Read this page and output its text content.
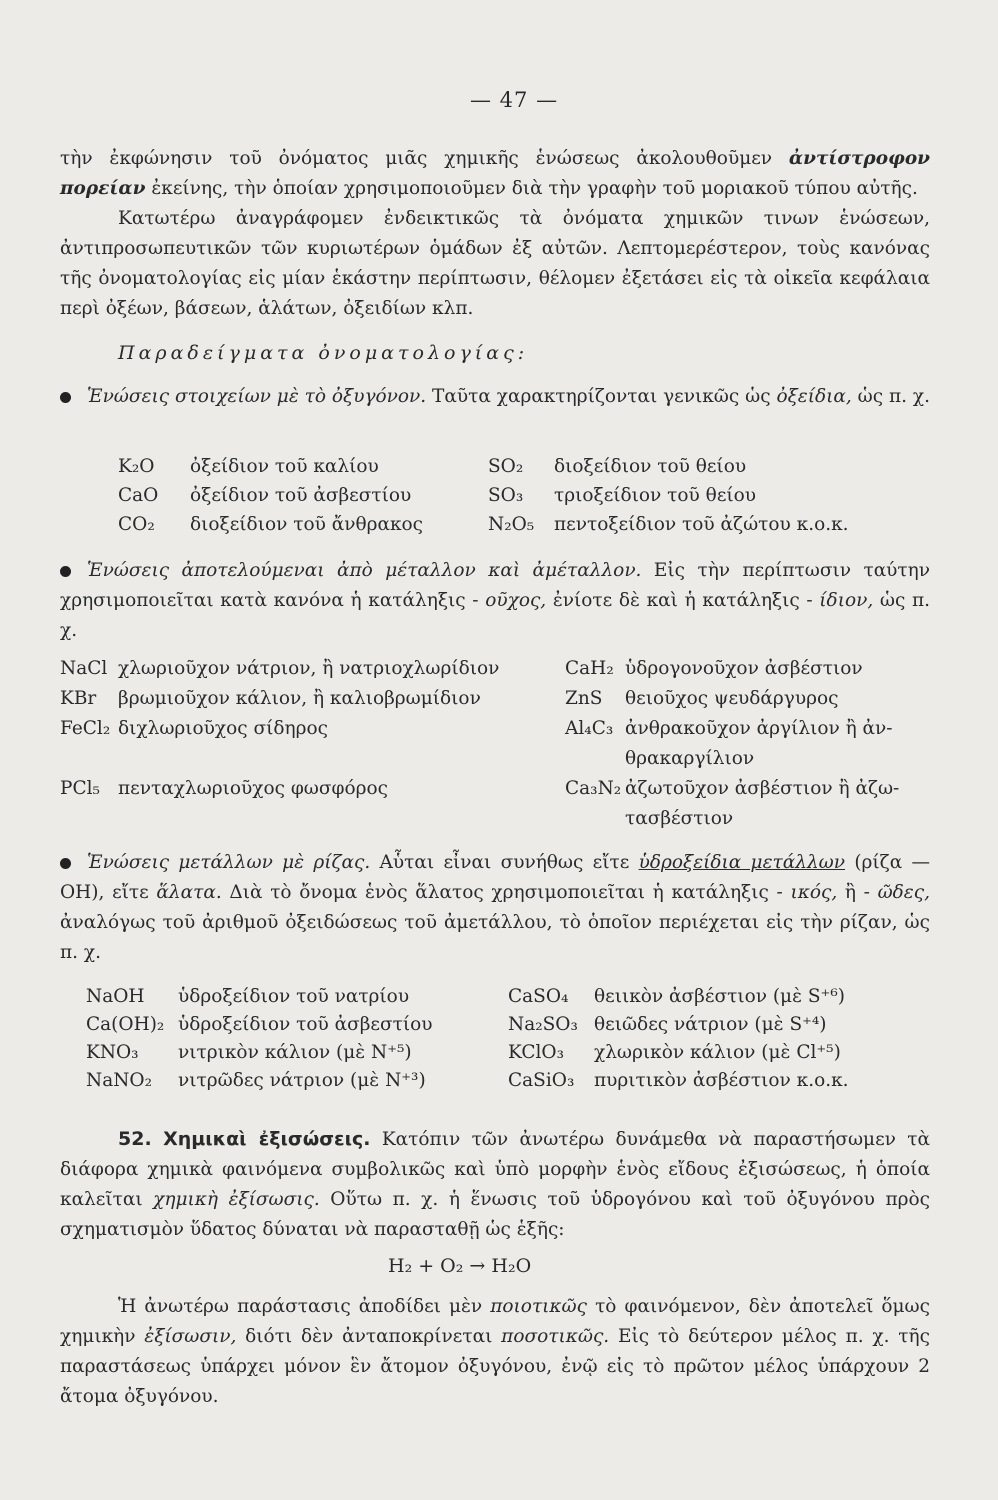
— 47 —
τὴν ἐκφώνησιν τοῦ ὀνόματος μιᾶς χημικῆς ἑνώσεως ἀκολουθοῦμεν ἀντίστροφον πορείαν ἐκείνης, τὴν ὁποίαν χρησιμοποιοῦμεν διὰ τὴν γραφὴν τοῦ μοριακοῦ τύπου αὐτῆς.
Κατωτέρω ἀναγράφομεν ἐνδεικτικῶς τὰ ὀνόματα χημικῶν τινων ἑνώσεων, ἀντιπροσωπευτικῶν τῶν κυριωτέρων ὁμάδων ἐξ αὐτῶν. Λεπτομερέστερον, τοὺς κανόνας τῆς ὀνοματολογίας εἰς μίαν ἑκάστην περίπτωσιν, θέλομεν ἐξετάσει εἰς τὰ οἰκεῖα κεφάλαια περὶ ὀξέων, βάσεων, ἁλάτων, ὀξειδίων κλπ.
Παραδείγματα ὀνοματολογίας:
Ἑνώσεις στοιχείων μὲ τὸ ὀξυγόνον. Ταῦτα χαρακτηρίζονται γενικῶς ὡς ὀξείδια, ὡς π. χ.
K₂O ὀξείδιον τοῦ καλίου
CaO ὀξείδιον τοῦ ἀσβεστίου
CO₂ διοξείδιον τοῦ ἄνθρακος
SO₂ διοξείδιον τοῦ θείου
SO₃ τριοξείδιον τοῦ θείου
N₂O₅ πεντοξείδιον τοῦ ἀζώτου κ.ο.κ.
Ἑνώσεις ἀποτελούμεναι ἀπὸ μέταλλον καὶ ἀμέταλλον. Εἰς τὴν περίπτωσιν ταύτην χρησιμοποιεῖται κατὰ κανόνα ἡ κατάληξις - οῦχος, ἐνίοτε δὲ καὶ ἡ κατάληξις - ίδιον, ὡς π. χ.
NaCl χλωριοῦχον νάτριον, ἢ νατριοχλωρίδιον
KBr βρωμιοῦχον κάλιον, ἢ καλιοβρωμίδιον
FeCl₂ διχλωριοῦχος σίδηρος
PCl₅ πενταχλωριοῦχος φωσφόρος
CaH₂ ὑδρογονοῦχον ἀσβέστιον
ZnS θειοῦχος ψευδάργυρος
Al₄C₃ ἀνθρακοῦχον ἀργίλιον ἢ ἀν-
θρακαργίλιον
Ca₃N₂ ἀζωτοῦχον ἀσβέστιον ἢ ἀζω-
τασβέστιον
Ἑνώσεις μετάλλων μὲ ρίζας. Αὗται εἶναι συνήθως εἴτε ὑδροξείδια μετάλλων (ρίζα — OH), εἴτε ἅλατα. Διὰ τὸ ὄνομα ἑνὸς ἅλατος χρησιμοποιεῖται ἡ κατάληξις - ικός, ἢ - ῶδες, ἀναλόγως τοῦ ἀριθμοῦ ὀξειδώσεως τοῦ ἀμετάλλου, τὸ ὁποῖον περιέχεται εἰς τὴν ρίζαν, ὡς π. χ.
NaOH ὑδροξείδιον τοῦ νατρίου
Ca(OH)₂ ὑδροξείδιον τοῦ ἀσβεστίου
KNO₃ νιτρικὸν κάλιον (μὲ N⁺⁵)
NaNO₂ νιτρῶδες νάτριον (μὲ N⁺³)
CaSO₄ θειικὸν ἀσβέστιον (μὲ S⁺⁶)
Na₂SO₃ θειῶδες νάτριον (μὲ S⁺⁴)
KClO₃ χλωρικὸν κάλιον (μὲ Cl⁺⁵)
CaSiO₃ πυριτικὸν ἀσβέστιον κ.ο.κ.
52. Χημικαὶ ἐξισώσεις. Κατόπιν τῶν ἀνωτέρω δυνάμεθα νὰ παραστήσωμεν τὰ διάφορα χημικὰ φαινόμενα συμβολικῶς καὶ ὑπὸ μορφὴν ἑνὸς εἴδους ἐξισώσεως, ἡ ὁποία καλεῖται χημικὴ ἐξίσωσις. Οὕτω π. χ. ἡ ἕνωσις τοῦ ὑδρογόνου καὶ τοῦ ὀξυγόνου πρὸς σχηματισμὸν ὕδατος δύναται νὰ παρασταθῇ ὡς ἑξῆς:
H₂ + O₂ → H₂O
Ἡ ἀνωτέρω παράστασις ἀποδίδει μὲν ποιοτικῶς τὸ φαινόμενον, δὲν ἀποτελεῖ ὅμως χημικὴν ἐξίσωσιν, διότι δὲν ἀνταποκρίνεται ποσοτικῶς. Εἰς τὸ δεύτερον μέλος π. χ. τῆς παραστάσεως ὑπάρχει μόνον ἓν ἄτομον ὀξυγόνου, ἐνῷ εἰς τὸ πρῶτον μέλος ὑπάρχουν 2 ἄτομα ὀξυγόνου.
